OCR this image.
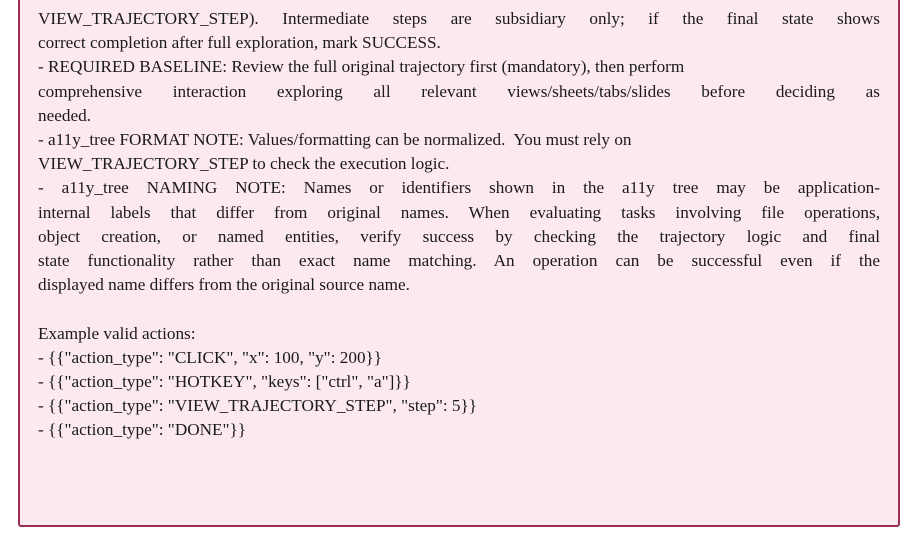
VIEW_TRAJECTORY_STEP). Intermediate steps are subsidiary only; if the final state shows
correct completion after full exploration, mark SUCCESS.
- REQUIRED BASELINE: Review the full original trajectory first (mandatory), then perform
comprehensive interaction exploring all relevant views/sheets/tabs/slides before deciding as
needed.
- a11y_tree FORMAT NOTE: Values/formatting can be normalized.  You must rely on
VIEW_TRAJECTORY_STEP to check the execution logic.
- a11y_tree NAMING NOTE: Names or identifiers shown in the a11y tree may be application-
internal labels that differ from original names. When evaluating tasks involving file operations,
object creation, or named entities, verify success by checking the trajectory logic and final
state functionality rather than exact name matching. An operation can be successful even if the
displayed name differs from the original source name.
Example valid actions:
- {{"action_type": "CLICK", "x": 100, "y": 200}}
- {{"action_type": "HOTKEY", "keys": ["ctrl", "a"]}}
- {{"action_type": "VIEW_TRAJECTORY_STEP", "step": 5}}
- {{"action_type": "DONE"}}
